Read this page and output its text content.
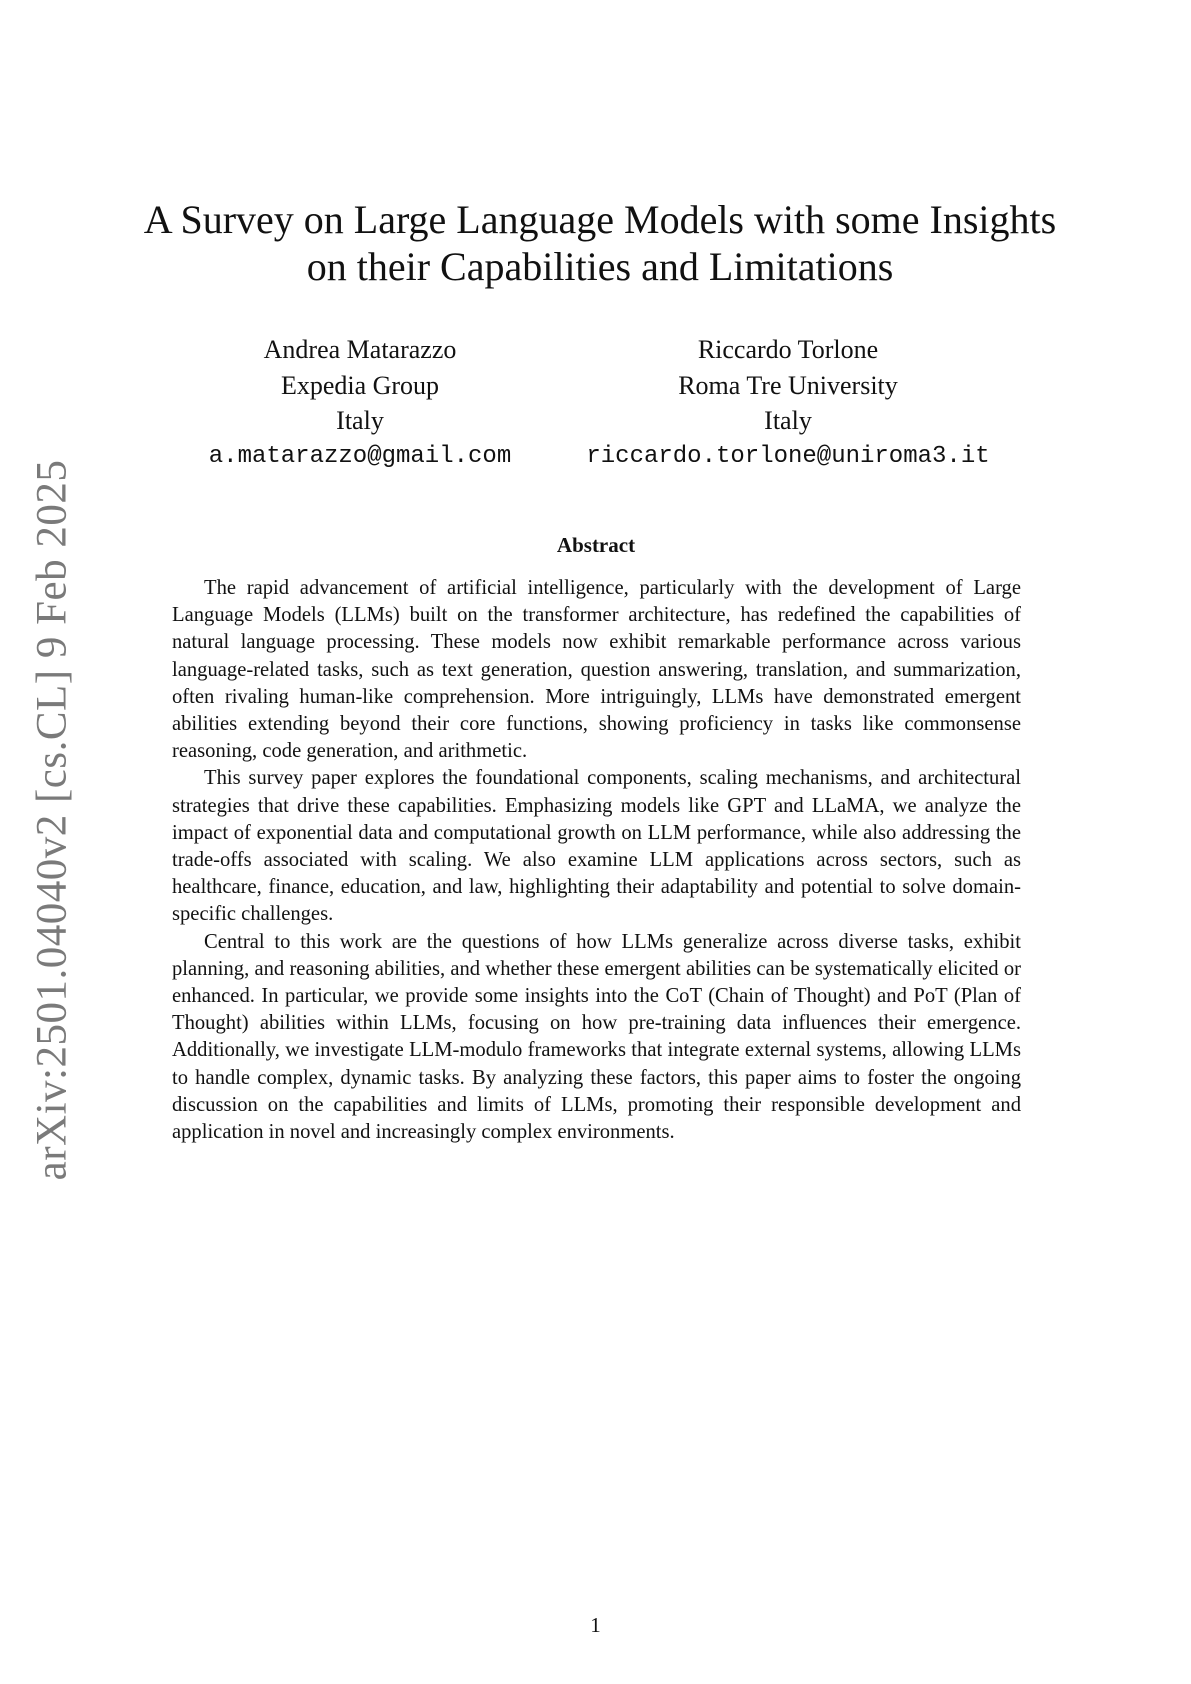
arXiv:2501.04040v2 [cs.CL] 9 Feb 2025
A Survey on Large Language Models with some Insights
on their Capabilities and Limitations
Andrea Matarazzo
Expedia Group
Italy
a.matarazzo@gmail.com
Riccardo Torlone
Roma Tre University
Italy
riccardo.torlone@uniroma3.it
Abstract

The rapid advancement of artificial intelligence, particularly with the development of Large Language Models (LLMs) built on the transformer architecture, has redefined the capabilities of natural language processing. These models now exhibit remarkable performance across various language-related tasks, such as text generation, question answering, translation, and summarization, often rivaling human-like comprehension. More intriguingly, LLMs have demonstrated emergent abilities extending beyond their core functions, showing proficiency in tasks like commonsense reasoning, code generation, and arithmetic.

This survey paper explores the foundational components, scaling mechanisms, and architectural strategies that drive these capabilities. Emphasizing models like GPT and LLaMA, we analyze the impact of exponential data and computational growth on LLM performance, while also addressing the trade-offs associated with scaling. We also examine LLM applications across sectors, such as healthcare, finance, education, and law, highlighting their adaptability and potential to solve domain-specific challenges.

Central to this work are the questions of how LLMs generalize across diverse tasks, exhibit planning, and reasoning abilities, and whether these emergent abilities can be systematically elicited or enhanced. In particular, we provide some insights into the CoT (Chain of Thought) and PoT (Plan of Thought) abilities within LLMs, focusing on how pre-training data influences their emergence. Additionally, we investigate LLM-modulo frameworks that integrate external systems, allowing LLMs to handle complex, dynamic tasks. By analyzing these factors, this paper aims to foster the ongoing discussion on the capabilities and limits of LLMs, promoting their responsible development and application in novel and increasingly complex environments.

1
